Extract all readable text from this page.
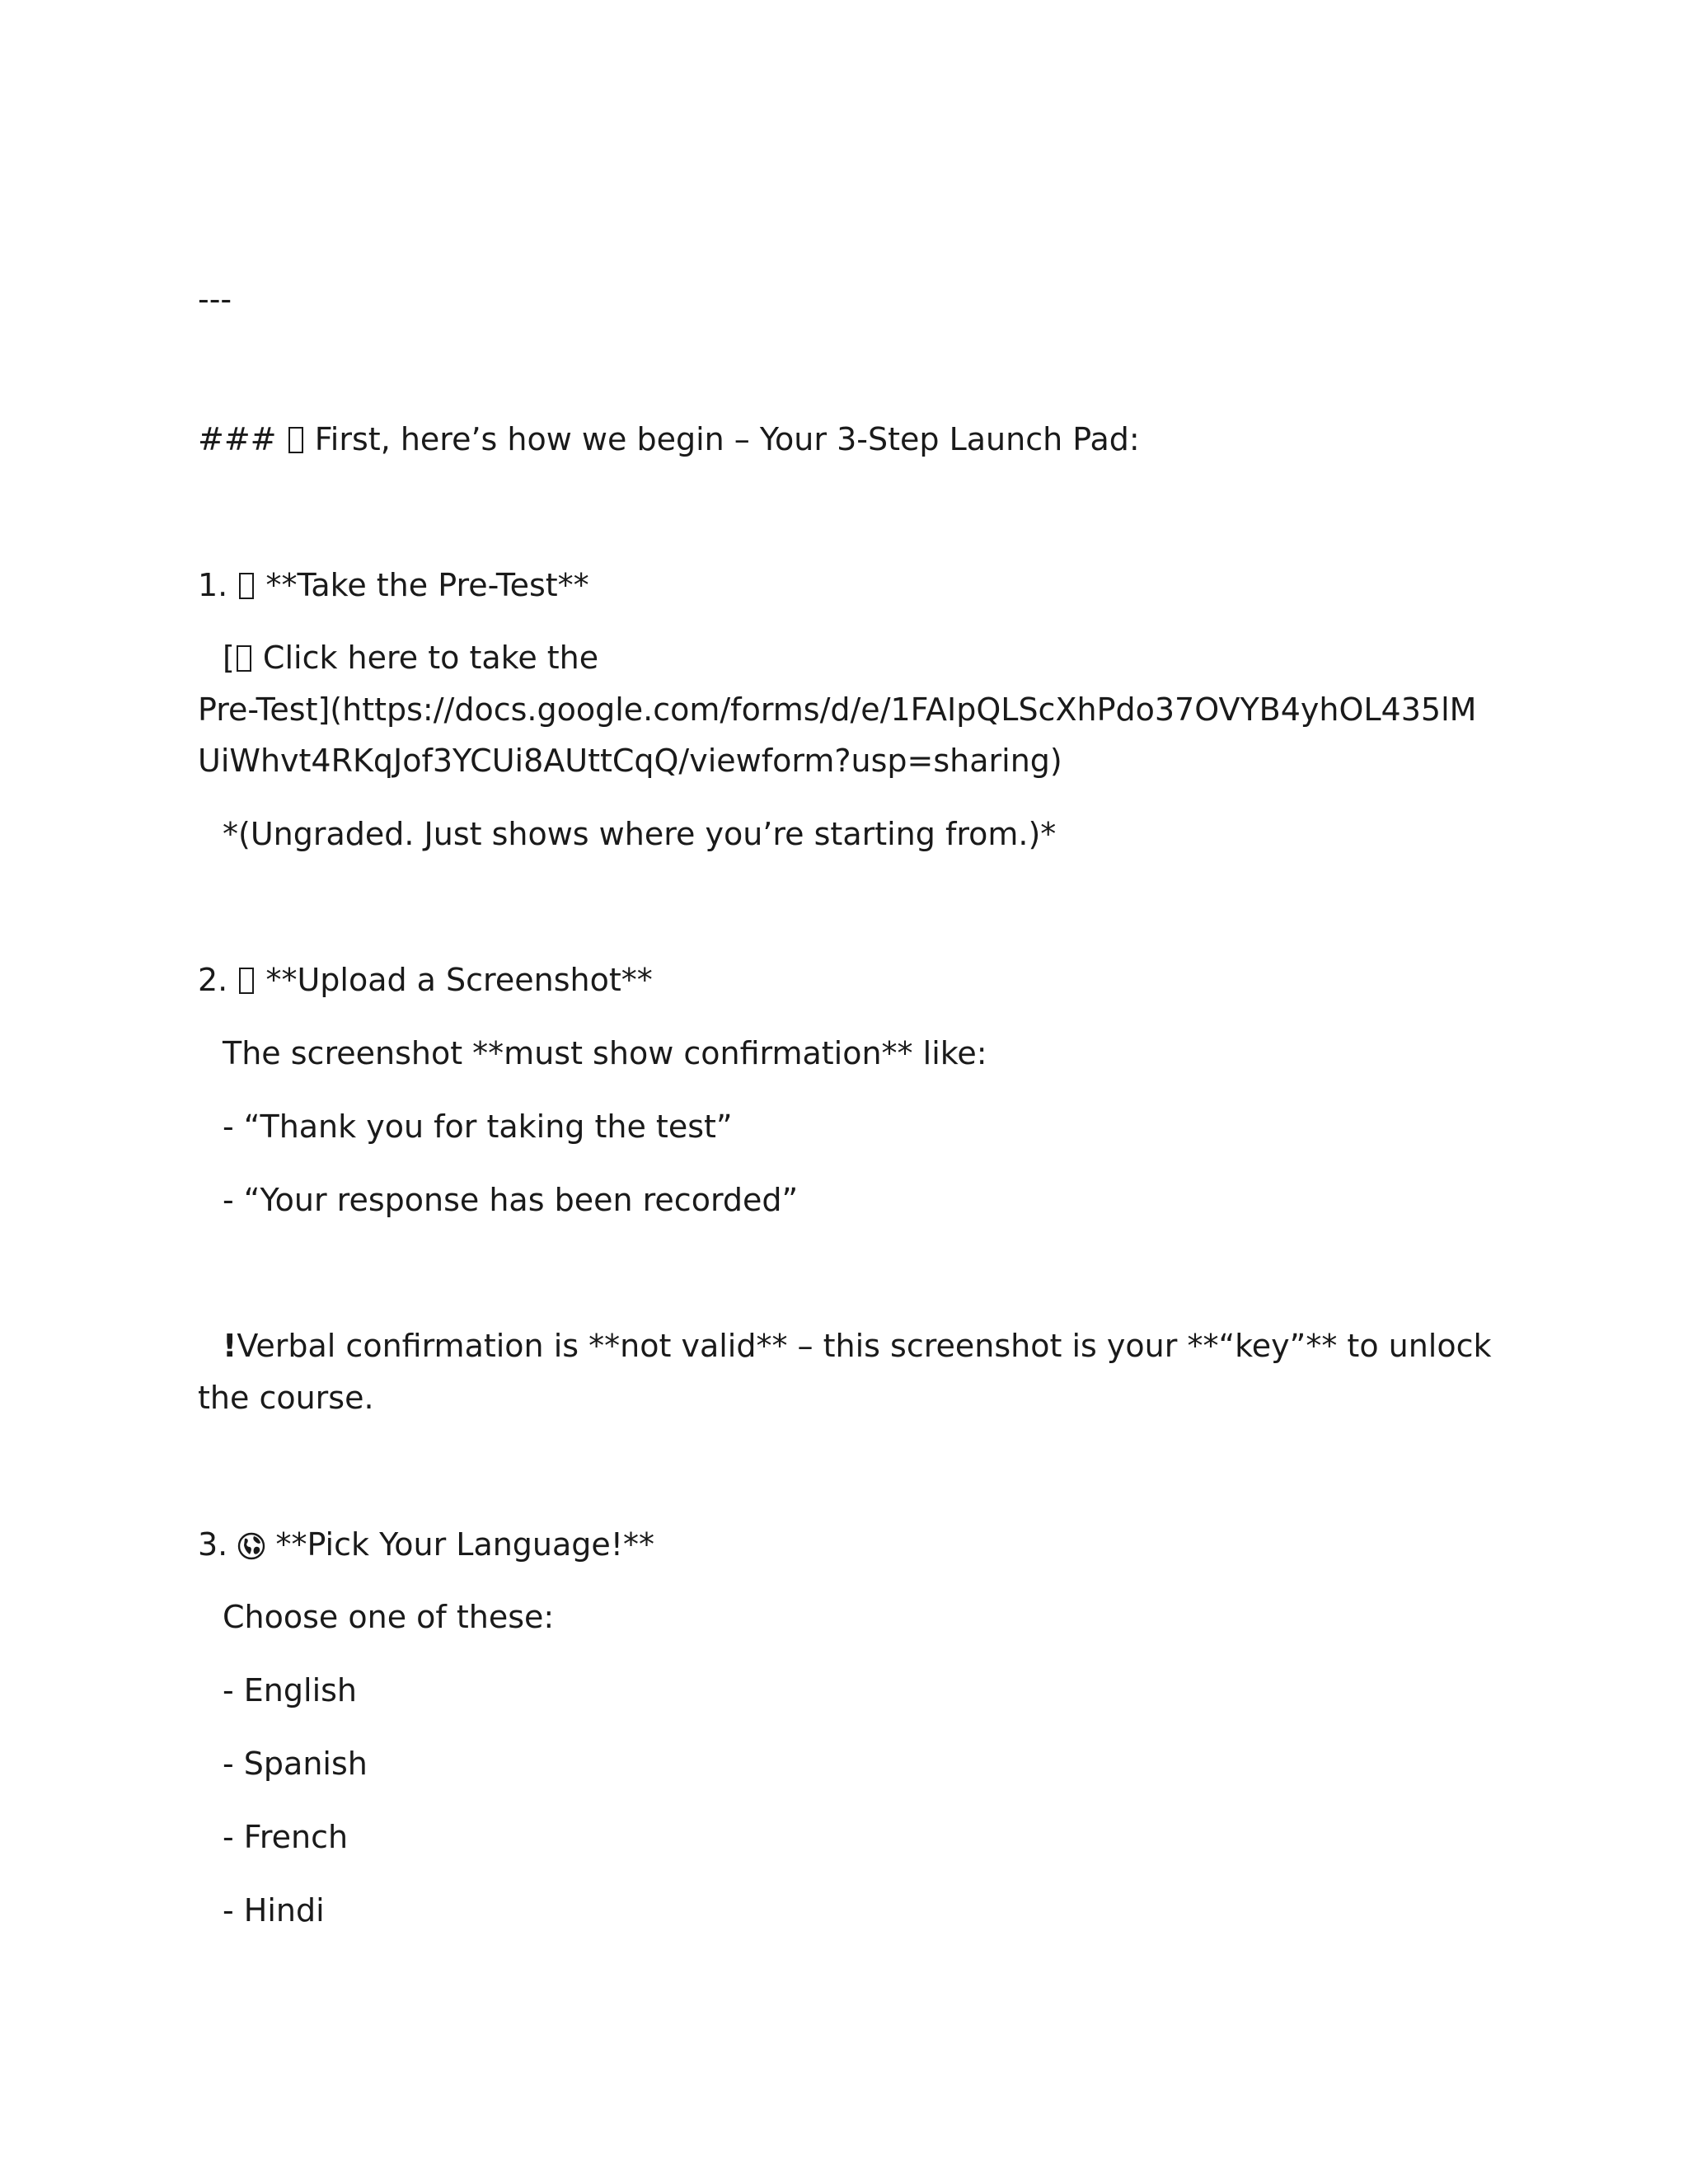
---
### First, here’s how we begin – Your 3-Step Launch Pad:
1. **Take the Pre-Test**
[ Click here to take the
Pre-Test](https://docs.google.com/forms/d/e/1FAIpQLScXhPdo37OVYB4yhOL435lMUiWhvt4RKqJof3YCUi8AUttCqQ/viewform?usp=sharing)
*(Ungraded. Just shows where you’re starting from.)*
2. **Upload a Screenshot**
The screenshot **must show confirmation** like:
- “Thank you for taking the test”
- “Your response has been recorded”
!Verbal confirmation is **not valid** – this screenshot is your **“key”** to unlock
the course.
3. **Pick Your Language!**
Choose one of these:
- English
- Spanish
- French
- Hindi
